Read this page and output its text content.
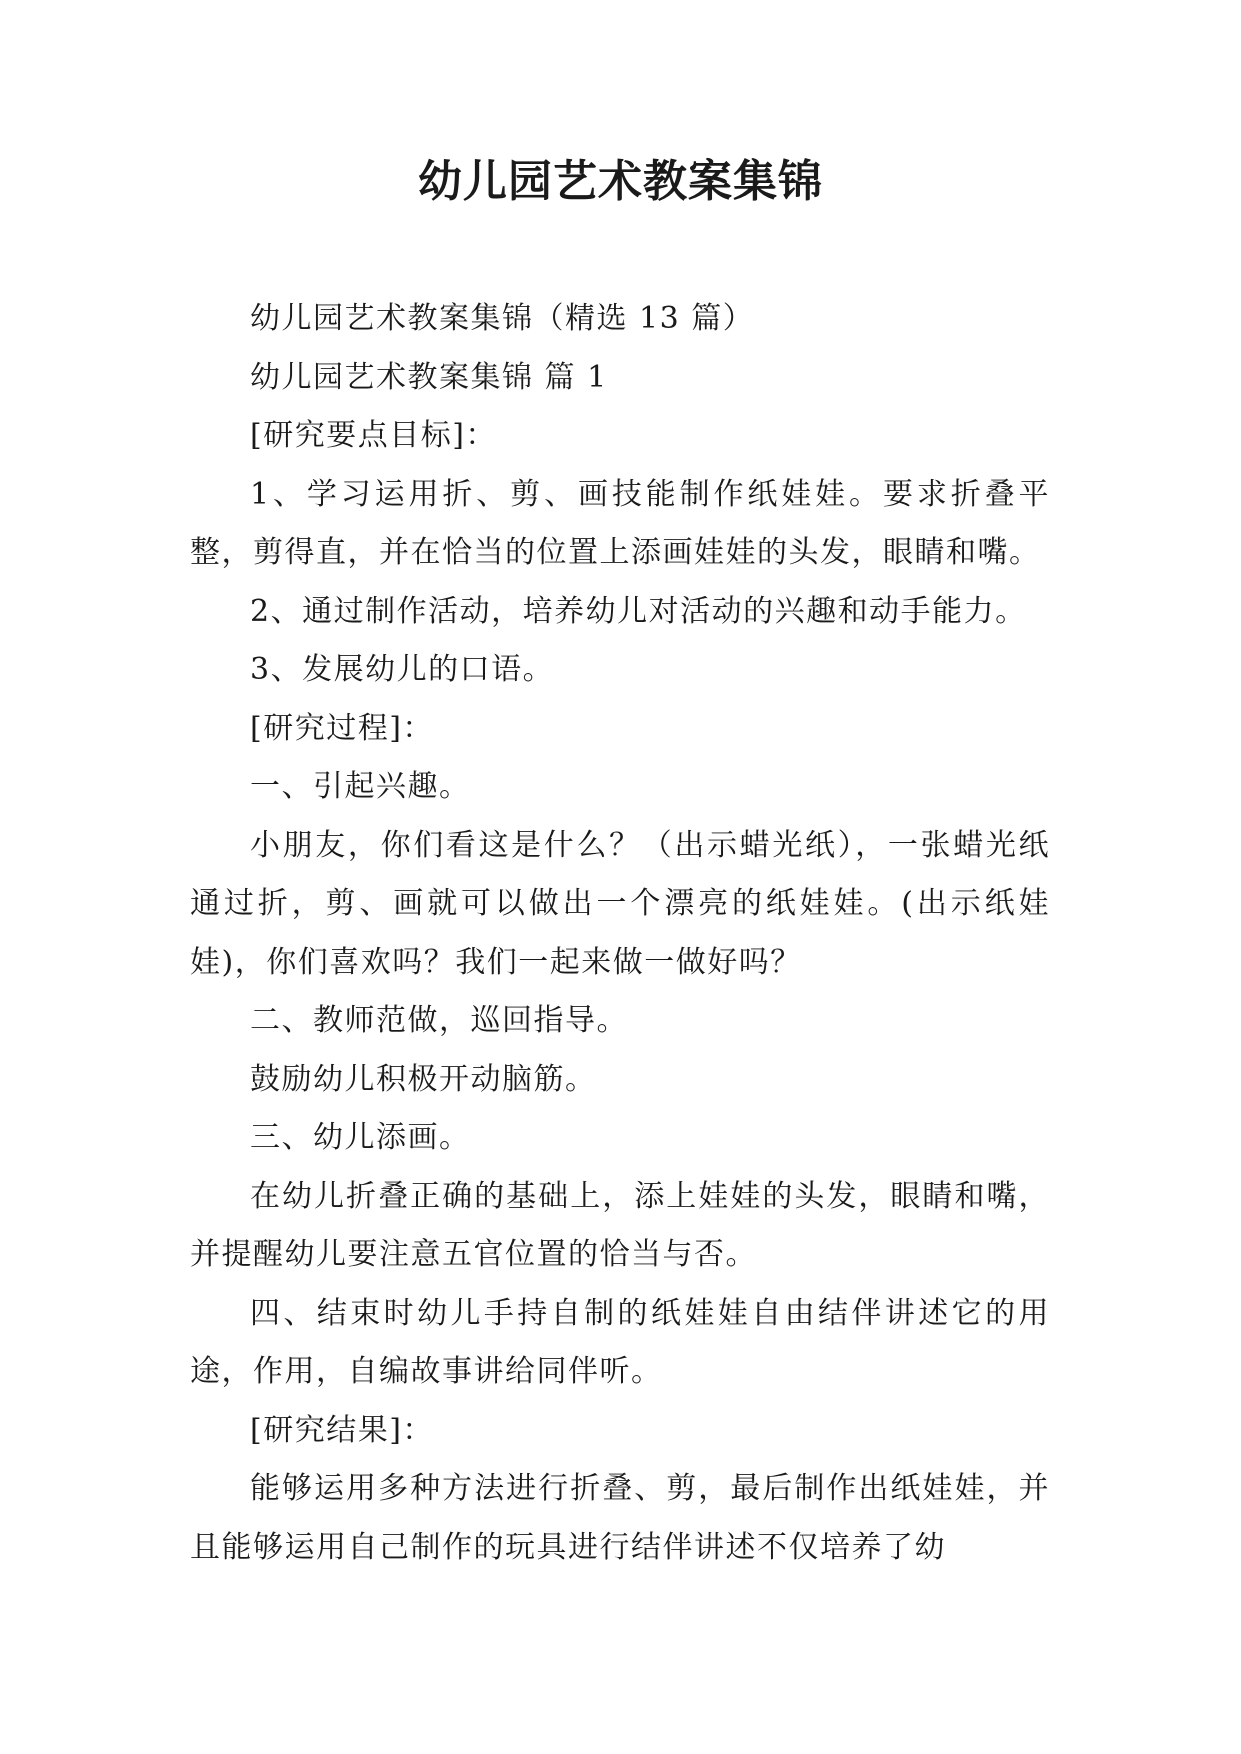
幼儿园艺术教案集锦

幼儿园艺术教案集锦（精选 13 篇）

幼儿园艺术教案集锦 篇 1

[研究要点目标]：

1、学习运用折、剪、画技能制作纸娃娃。要求折叠平整，剪得直，并在恰当的位置上添画娃娃的头发，眼睛和嘴。

2、通过制作活动，培养幼儿对活动的兴趣和动手能力。

3、发展幼儿的口语。

[研究过程]：

一、引起兴趣。

小朋友，你们看这是什么？（出示蜡光纸），一张蜡光纸通过折，剪、画就可以做出一个漂亮的纸娃娃。(出示纸娃娃)，你们喜欢吗？我们一起来做一做好吗？

二、教师范做，巡回指导。

鼓励幼儿积极开动脑筋。

三、幼儿添画。

在幼儿折叠正确的基础上，添上娃娃的头发，眼睛和嘴，并提醒幼儿要注意五官位置的恰当与否。

四、结束时幼儿手持自制的纸娃娃自由结伴讲述它的用途，作用，自编故事讲给同伴听。

[研究结果]：

能够运用多种方法进行折叠、剪，最后制作出纸娃娃，并且能够运用自己制作的玩具进行结伴讲述不仅培养了幼
